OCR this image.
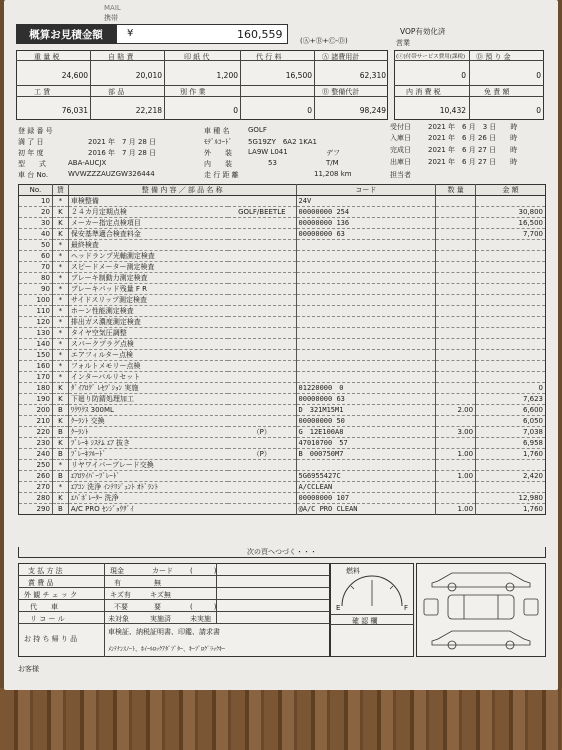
MAIL
携帯
概算お見積金額	¥	160,559	(Ⓐ+Ⓑ+Ⓒ-Ⓓ)
VOP有効化済
営業
重 量 税	自 賠 責	印 紙 代	代 行 料	Ⓐ 諸費用計
24,600	20,010	1,200	16,500	62,310
工 賃	部 品	別 作 業	Ⓑ 整備代計
76,031	22,218	0	0	98,249
(ⓒ)付帯サービス費用(課税) Ⓓ 預 り 金
0	0
内 消 費 税	免 責 額
10,432	0
登 録 番 号
満 了 日	2021 年　7 月 28 日
初 年 度	2016 年　7 月 28 日
型　　式	ABA-AUCJX
車 台 No.	WVWZZZAUZGW326444
車 種 名	GOLF
ﾓﾃﾞﾙｺｰﾄﾞ 5G19ZY　6A2 1KA1
外　　装 LA9W L041	デフ
内　　装	53	T/M
走 行 距 離	11,208 km
受付日 2021 年　6 月　3 日　　時
入庫日 2021 年　6 月 26 日　　時
完成日 2021 年　6 月 27 日　　時
出庫日 2021 年　6 月 27 日　　時
担当者
No.	賃	整 備 内 容 ／ 部 品 名 称		コード	数 量	金 額
10	*	車検整備		24V		
20	K	２４カ月定期点検	GOLF/BEETLE	00000000 254		30,800
30	K	メーカー指定点検項目		00000000 136		16,500
40	K	保安基準適合検査料金		00000000 63		7,700
50	*	最終検査				
60	*	ヘッドランプ光軸測定検査				
70	*	スピードメーター測定検査				
80	*	ブレーキ制動力測定検査				
90	*	ブレーキパッド残量 F R				
100	*	サイドスリップ測定検査				
110	*	ホーン性能測定検査				
120	*	排出ガス濃度測定検査				
130	*	タイヤ空気圧調整				
140	*	スパークプラグ点検				
150	*	エアフィルター点検				
160	*	フォルトメモリー点検				
170	*	インターバルリセット				
180	K	ﾀﾞｲｱﾛｸﾞ ﾚｾﾌﾟｼｮﾝ 実施		01220000　0		0
190	K	下廻り防錆処理加工		00000000 63		7,623
200	B	ﾜｸﾜｸｽ 300ML		D　321M15M1	2.00	6,600
210	K	ｸｰﾗﾝﾄ 交換		00000000 50		6,050
220	B	ｸｰﾗﾝﾄ	（P）	G　12E100A8	3.00	7,038
230	K	ﾌﾞﾚｰｷ ｼｽﾃﾑ ｴｱ 抜き		47010700　57		6,958
240	B	ﾌﾞﾚｰｷﾌﾙｰﾄﾞ	（P）	B　000750M7	1.00	1,760
250	*	リヤワイパーブレード交換				
260	B	ｴｱﾛﾜｲﾊﾟｰﾌﾞﾚｰﾄﾞ		5G6955427C	1.00	2,420
270	*	ｴｱｺﾝ 洗浄 ｲﾝﾃﾘｼﾞｪﾝﾄ ｵﾄﾞﾗﾝﾄ		A/CCLEAN		
280	K	ｴﾊﾞﾎﾟﾚｰﾀｰ 洗浄		00000000 107		12,980
290	B	A/C PRO ｾﾝｼﾞｮｳｻﾞｲ		@A/C PRO CLEAN	1.00	1,760
次の頁へつづく・・・
支 払 方 法	現金	カード (　　　)
賞 費 品	有	無
外 観 チ ェ ッ ク	キズ有	キズ無
代　　車	不要	要	(　　　)
リ コ ー ル	未対象	実施済	未実施
お 持 ち 帰 り 品
車検証、納税証明書、印鑑、請求書
ﾒﾝﾃﾅﾝｽﾉｰﾄ、ﾎｲｰﾙﾛｯｸｱﾀﾞﾌﾟﾀｰ、ｷｰﾌﾟﾛｸﾞﾗｯｸｷｰ
燃料
E	F
確 認 欄
お客様
